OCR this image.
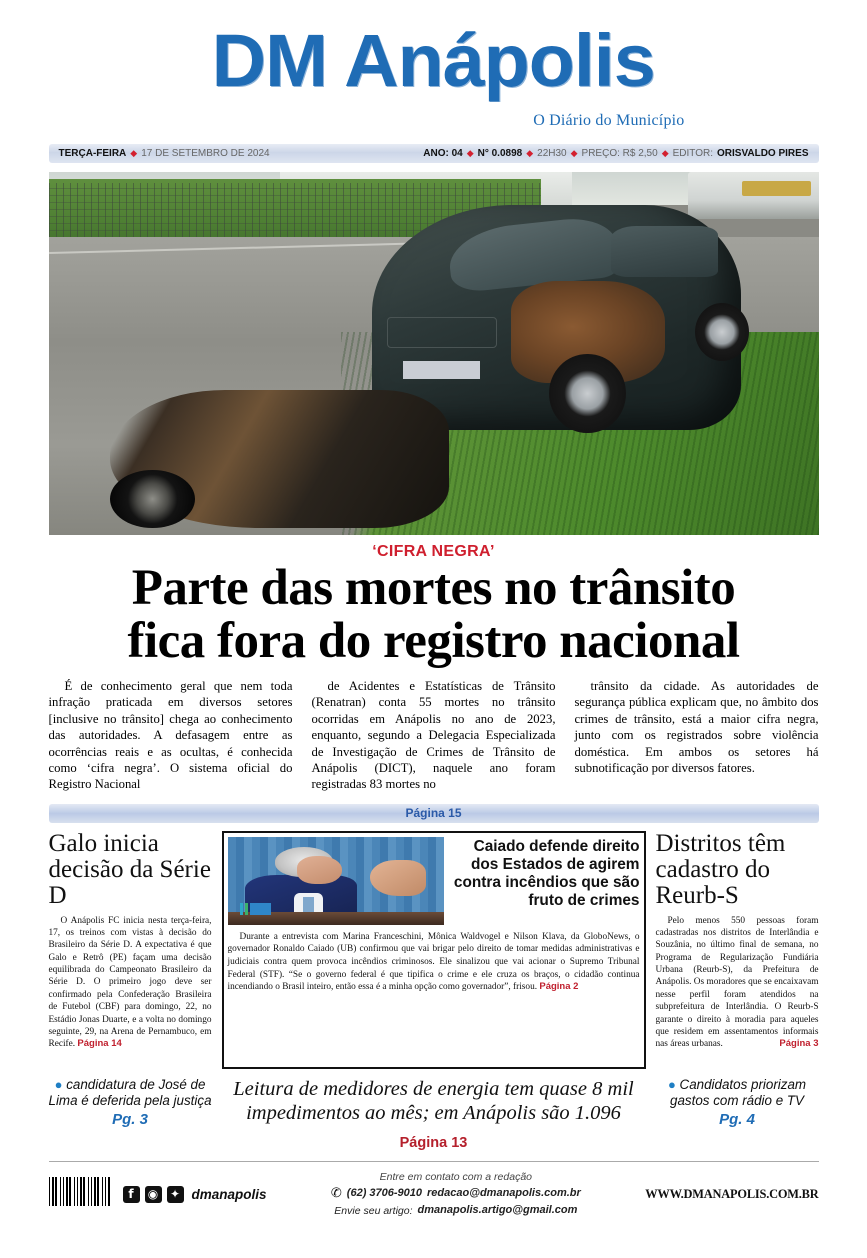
DM Anápolis
O Diário do Município
TERÇA-FEIRA ◆ 17 DE SETEMBRO DE 2024	ANO: 04 ◆ N° 0.0898 ◆ 22H30 ◆ PREÇO: R$ 2,50 ◆ EDITOR: ORISVALDO PIRES
‘CIFRA NEGRA’
Parte das mortes no trânsito
fica fora do registro nacional

É de conhecimento geral que nem toda infração praticada em diversos setores [inclusive no trânsito] chega ao conhecimento das autoridades. A defasagem entre as ocorrências reais e as ocultas, é conhecida como ‘cifra negra’. O sistema oficial do Registro Nacional

de Acidentes e Estatísticas de Trânsito (Renatran) conta 55 mortes no trânsito ocorridas em Anápolis no ano de 2023, enquanto, segundo a Delegacia Especializada de Investigação de Crimes de Trânsito de Anápolis (DICT), naquele ano foram registradas 83 mortes no

trânsito da cidade. As autoridades de segurança pública explicam que, no âmbito dos crimes de trânsito, está a maior cifra negra, junto com os registrados sobre violência doméstica. Em ambos os setores há subnotificação por diversos fatores.

Página 15
Galo inicia decisão da Série D

O Anápolis FC inicia nesta terça-feira, 17, os treinos com vistas à decisão do Brasileiro da Série D. A expectativa é que Galo e Retrô (PE) façam uma decisão equilibrada do Campeonato Brasileiro da Série D. O primeiro jogo deve ser confirmado pela Confederação Brasileira de Futebol (CBF) para domingo, 22, no Estádio Jonas Duarte, e a volta no domingo seguinte, 29, na Arena de Pernambuco, em Recife. Página 14

Caiado defende direito dos Estados de agirem contra incêndios que são fruto de crimes

Durante a entrevista com Marina Franceschini, Mônica Waldvogel e Nilson Klava, da GloboNews, o governador Ronaldo Caiado (UB) confirmou que vai brigar pelo direito de tomar medidas administrativas e judiciais contra quem provoca incêndios criminosos. Ele sinalizou que vai acionar o Supremo Tribunal Federal (STF). “Se o governo federal é que tipifica o crime e ele cruza os braços, o cidadão continua incendiando o Brasil inteiro, então essa é a minha opção como governador”, frisou. Página 2

Distritos têm cadastro do Reurb-S

Pelo menos 550 pessoas foram cadastradas nos distritos de Interlândia e Souzânia, no último final de semana, no Programa de Regularização Fundiária Urbana (Reurb-S), da Prefeitura de Anápolis. Os moradores que se encaixavam nesse perfil foram atendidos na subprefeitura de Interlândia. O Reurb-S garante o direito à moradia para aqueles que residem em assentamentos informais nas áreas urbanas.	Página 3

● candidatura de José de Lima é deferida pela justiça
Pg. 3
Leitura de medidores de energia tem quase 8 mil
impedimentos ao mês; em Anápolis são 1.096
Página 13
● Candidatos priorizam gastos com rádio e TV
Pg. 4
f	◉ ✦ dmanapolis
Entre em contato com a redação
✆ (62) 3706-9010 redacao@dmanapolis.com.br
Envie seu artigo: dmanapolis.artigo@gmail.com
WWW.DMANAPOLIS.COM.BR
